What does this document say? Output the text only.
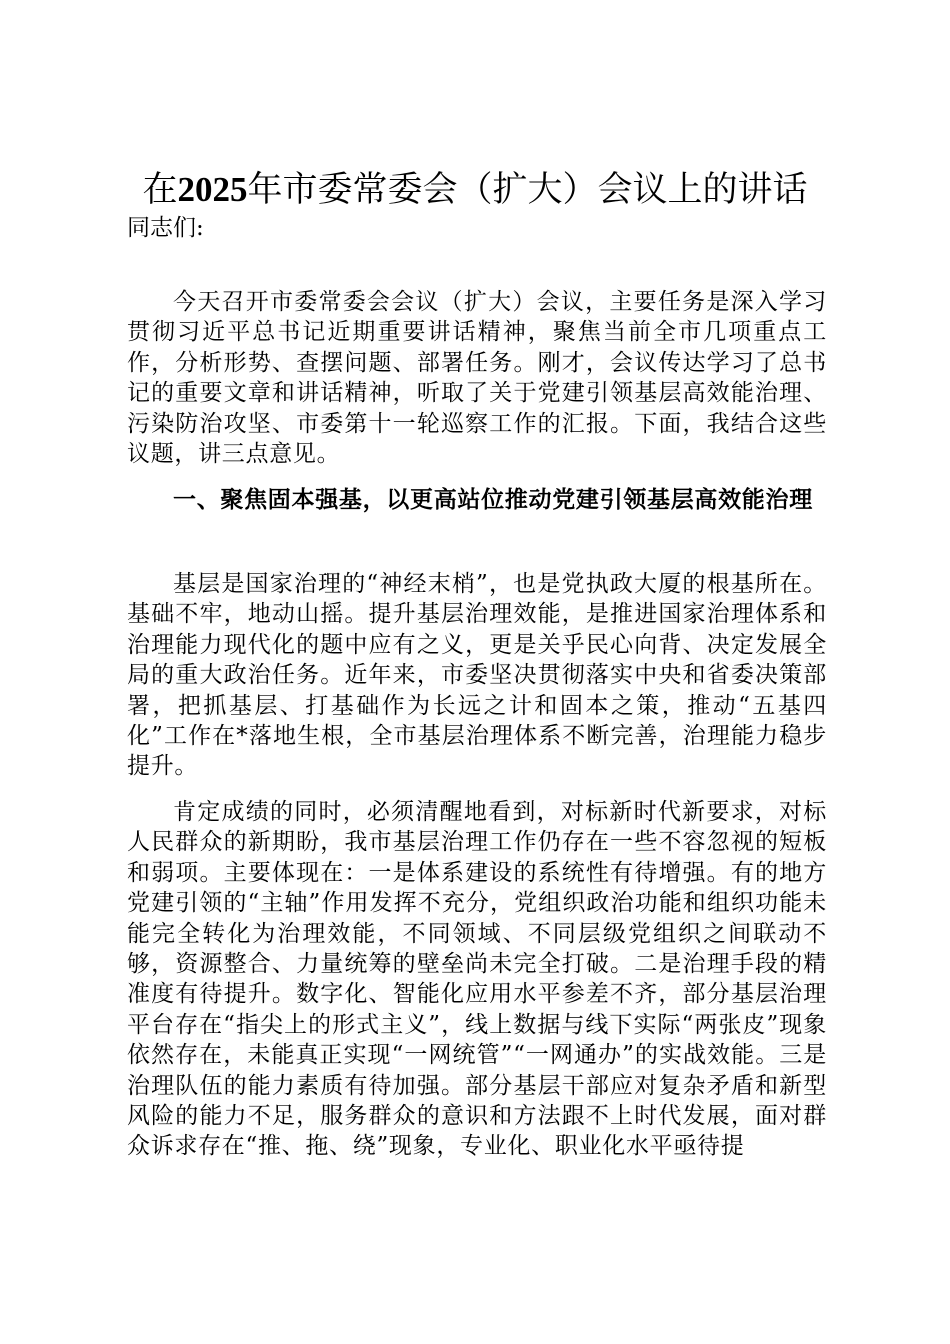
在2025年市委常委会（扩大）会议上的讲话
同志们:

今天召开市委常委会会议（扩大）会议，主要任务是深入学习贯彻习近平总书记近期重要讲话精神，聚焦当前全市几项重点工作，分析形势、查摆问题、部署任务。刚才，会议传达学习了总书记的重要文章和讲话精神，听取了关于党建引领基层高效能治理、污染防治攻坚、市委第十一轮巡察工作的汇报。下面，我结合这些议题，讲三点意见。

一、聚焦固本强基，以更高站位推动党建引领基层高效能治理

基层是国家治理的“神经末梢”，也是党执政大厦的根基所在。基础不牢，地动山摇。提升基层治理效能，是推进国家治理体系和治理能力现代化的题中应有之义，更是关乎民心向背、决定发展全局的重大政治任务。近年来，市委坚决贯彻落实中央和省委决策部署，把抓基层、打基础作为长远之计和固本之策，推动“五基四化”工作在*落地生根，全市基层治理体系不断完善，治理能力稳步提升。

肯定成绩的同时，必须清醒地看到，对标新时代新要求，对标人民群众的新期盼，我市基层治理工作仍存在一些不容忽视的短板和弱项。主要体现在：一是体系建设的系统性有待增强。有的地方党建引领的“主轴”作用发挥不充分，党组织政治功能和组织功能未能完全转化为治理效能，不同领域、不同层级党组织之间联动不够，资源整合、力量统筹的壁垒尚未完全打破。二是治理手段的精准度有待提升。数字化、智能化应用水平参差不齐，部分基层治理平台存在“指尖上的形式主义”，线上数据与线下实际“两张皮”现象依然存在，未能真正实现“一网统管”“一网通办”的实战效能。三是治理队伍的能力素质有待加强。部分基层干部应对复杂矛盾和新型风险的能力不足，服务群众的意识和方法跟不上时代发展，面对群众诉求存在“推、拖、绕”现象，专业化、职业化水平亟待提
